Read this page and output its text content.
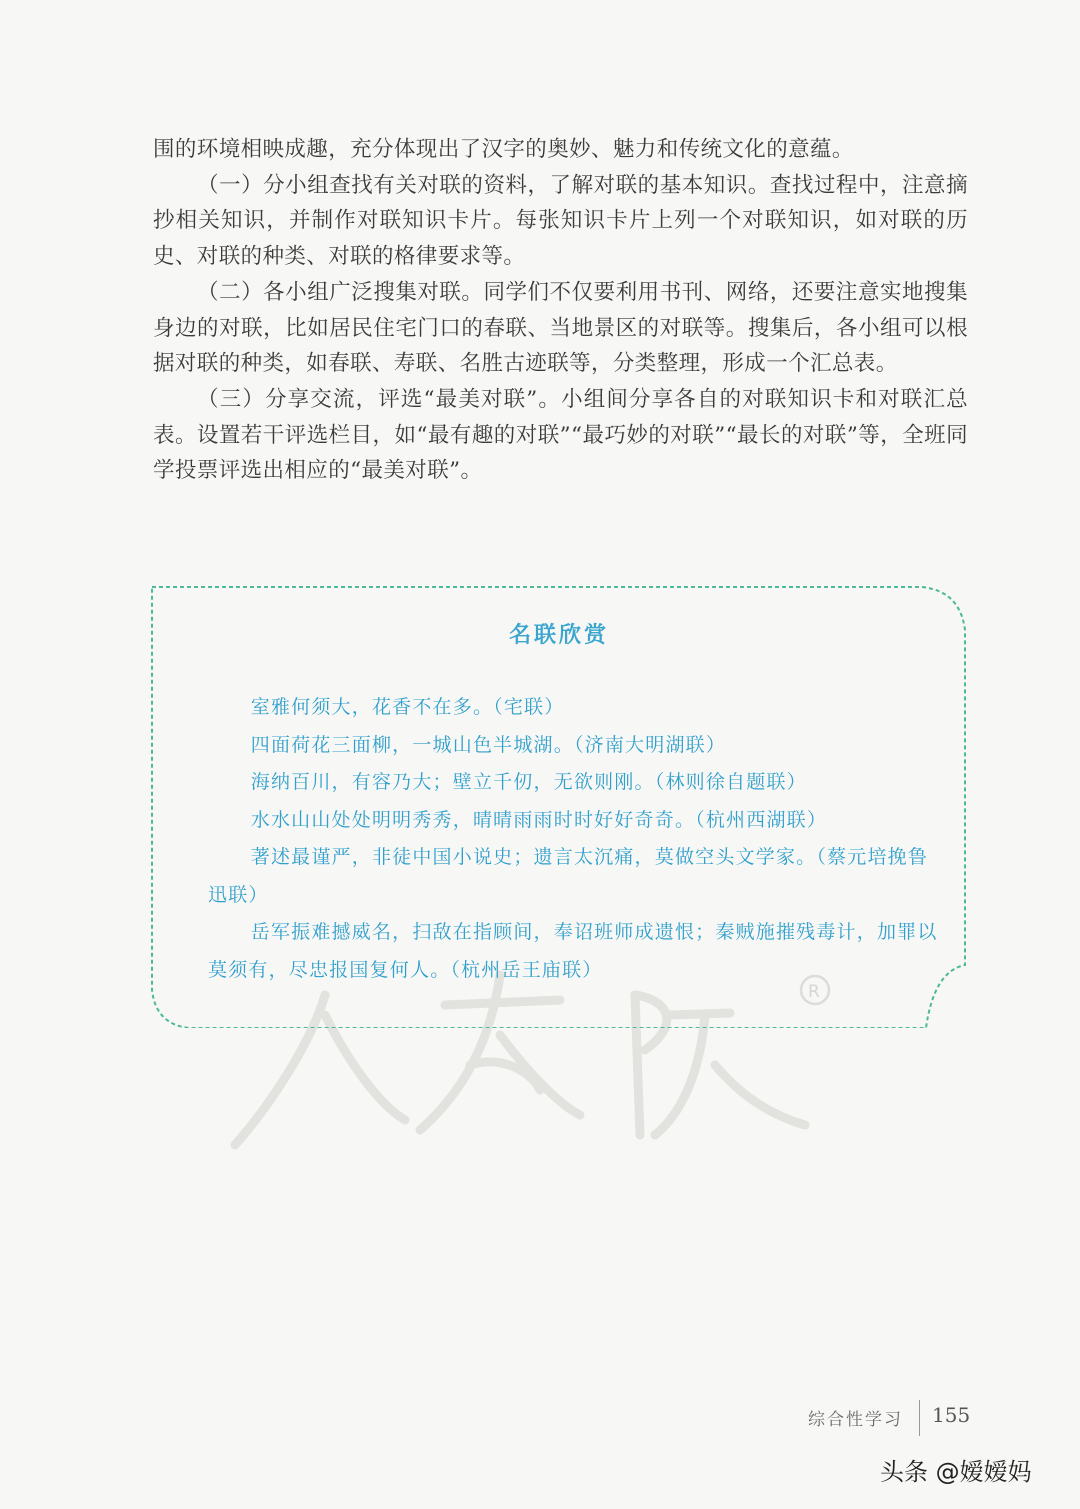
围的环境相映成趣，充分体现出了汉字的奥妙、魅力和传统文化的意蕴。

（一）分小组查找有关对联的资料，了解对联的基本知识。查找过程中，注意摘抄相关知识，并制作对联知识卡片。每张知识卡片上列一个对联知识，如对联的历史、对联的种类、对联的格律要求等。

（二）各小组广泛搜集对联。同学们不仅要利用书刊、网络，还要注意实地搜集身边的对联，比如居民住宅门口的春联、当地景区的对联等。搜集后，各小组可以根据对联的种类，如春联、寿联、名胜古迹联等，分类整理，形成一个汇总表。

（三）分享交流，评选“最美对联”。小组间分享各自的对联知识卡和对联汇总表。设置若干评选栏目，如“最有趣的对联”“最巧妙的对联”“最长的对联”等，全班同学投票评选出相应的“最美对联”。

R
名联欣赏

室雅何须大，花香不在多。（宅联）

四面荷花三面柳，一城山色半城湖。（济南大明湖联）

海纳百川，有容乃大；壁立千仞，无欲则刚。（林则徐自题联）

水水山山处处明明秀秀，晴晴雨雨时时好好奇奇。（杭州西湖联）

著述最谨严，非徒中国小说史；遗言太沉痛，莫做空头文学家。（蔡元培挽鲁迅联）

岳军振难撼威名，扫敌在指顾间，奉诏班师成遗恨；秦贼施摧残毒计，加罪以莫须有，尽忠报国复何人。（杭州岳王庙联）

综合性学习 155
头条 @嫒嫒妈
